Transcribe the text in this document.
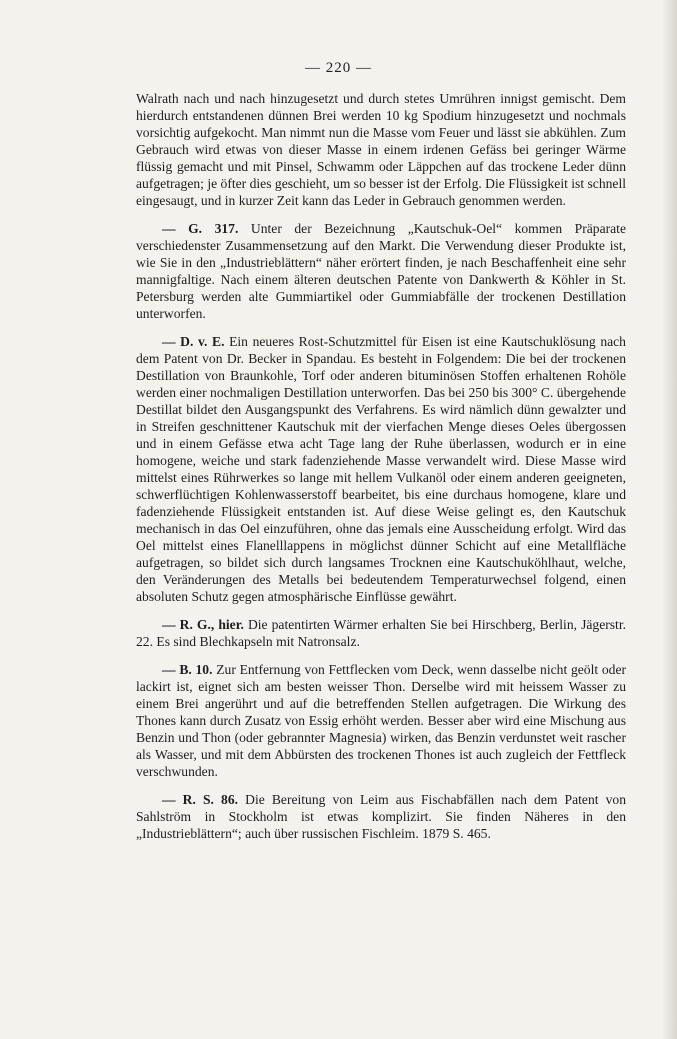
— 220 —

Walrath nach und nach hinzugesetzt und durch stetes Umrühren innigst gemischt. Dem hierdurch entstandenen dünnen Brei werden 10 kg Spodium hinzugesetzt und nochmals vorsichtig aufgekocht. Man nimmt nun die Masse vom Feuer und lässt sie abkühlen. Zum Gebrauch wird etwas von dieser Masse in einem irdenen Gefäss bei geringer Wärme flüssig gemacht und mit Pinsel, Schwamm oder Läppchen auf das trockene Leder dünn aufgetragen; je öfter dies geschieht, um so besser ist der Erfolg. Die Flüssigkeit ist schnell eingesaugt, und in kurzer Zeit kann das Leder in Gebrauch genommen werden.

— G. 317. Unter der Bezeichnung „Kautschuk-Oel“ kommen Präparate verschiedenster Zusammensetzung auf den Markt. Die Verwendung dieser Produkte ist, wie Sie in den „Industrieblättern“ näher erörtert finden, je nach Beschaffenheit eine sehr mannigfaltige. Nach einem älteren deutschen Patente von Dankwerth & Köhler in St. Petersburg werden alte Gummiartikel oder Gummiabfälle der trockenen Destillation unterworfen.

— D. v. E. Ein neueres Rost-Schutzmittel für Eisen ist eine Kautschuklösung nach dem Patent von Dr. Becker in Spandau. Es besteht in Folgendem: Die bei der trockenen Destillation von Braunkohle, Torf oder anderen bituminösen Stoffen erhaltenen Rohöle werden einer nochmaligen Destillation unterworfen. Das bei 250 bis 300° C. übergehende Destillat bildet den Ausgangspunkt des Verfahrens. Es wird nämlich dünn gewalzter und in Streifen geschnittener Kautschuk mit der vierfachen Menge dieses Oeles übergossen und in einem Gefässe etwa acht Tage lang der Ruhe überlassen, wodurch er in eine homogene, weiche und stark fadenziehende Masse verwandelt wird. Diese Masse wird mittelst eines Rührwerkes so lange mit hellem Vulkanöl oder einem anderen geeigneten, schwerflüchtigen Kohlenwasserstoff bearbeitet, bis eine durchaus homogene, klare und fadenziehende Flüssigkeit entstanden ist. Auf diese Weise gelingt es, den Kautschuk mechanisch in das Oel einzuführen, ohne das jemals eine Ausscheidung erfolgt. Wird das Oel mittelst eines Flanelllappens in möglichst dünner Schicht auf eine Metallfläche aufgetragen, so bildet sich durch langsames Trocknen eine Kautschuköhlhaut, welche, den Veränderungen des Metalls bei bedeutendem Temperaturwechsel folgend, einen absoluten Schutz gegen atmosphärische Einflüsse gewährt.

— R. G., hier. Die patentirten Wärmer erhalten Sie bei Hirschberg, Berlin, Jägerstr. 22. Es sind Blechkapseln mit Natronsalz.

— B. 10. Zur Entfernung von Fettflecken vom Deck, wenn dasselbe nicht geölt oder lackirt ist, eignet sich am besten weisser Thon. Derselbe wird mit heissem Wasser zu einem Brei angerührt und auf die betreffenden Stellen aufgetragen. Die Wirkung des Thones kann durch Zusatz von Essig erhöht werden. Besser aber wird eine Mischung aus Benzin und Thon (oder gebrannter Magnesia) wirken, das Benzin verdunstet weit rascher als Wasser, und mit dem Abbürsten des trockenen Thones ist auch zugleich der Fettfleck verschwunden.

— R. S. 86. Die Bereitung von Leim aus Fischabfällen nach dem Patent von Sahlström in Stockholm ist etwas komplizirt. Sie finden Näheres in den „Industrieblättern“; auch über russischen Fischleim. 1879 S. 465.
